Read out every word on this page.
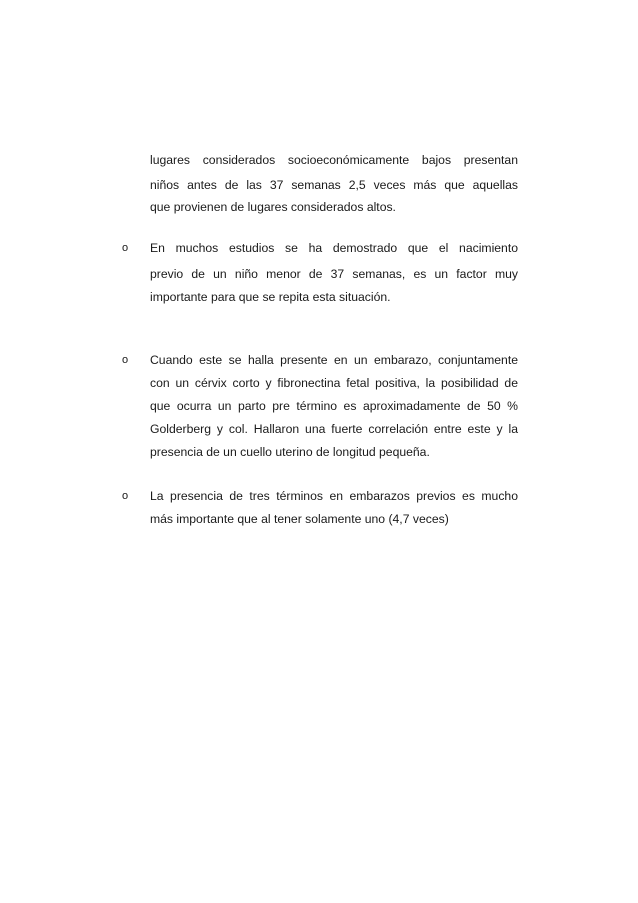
lugares considerados socioeconómicamente bajos presentan
niños antes de las 37 semanas 2,5 veces más que aquellas
que provienen de lugares considerados altos.
o En muchos estudios se ha demostrado que el nacimiento
previo de un niño menor de 37 semanas, es un factor muy
importante para que se repita esta situación.
o Cuando este se halla presente en un embarazo, conjuntamente
con un cérvix corto y fibronectina fetal positiva, la posibilidad de
que ocurra un parto pre término es aproximadamente de 50 %
Golderberg y col. Hallaron una fuerte correlación entre este y la
presencia de un cuello uterino de longitud pequeña.
o La presencia de tres términos en embarazos previos es mucho
más importante que al tener solamente uno (4,7 veces)
